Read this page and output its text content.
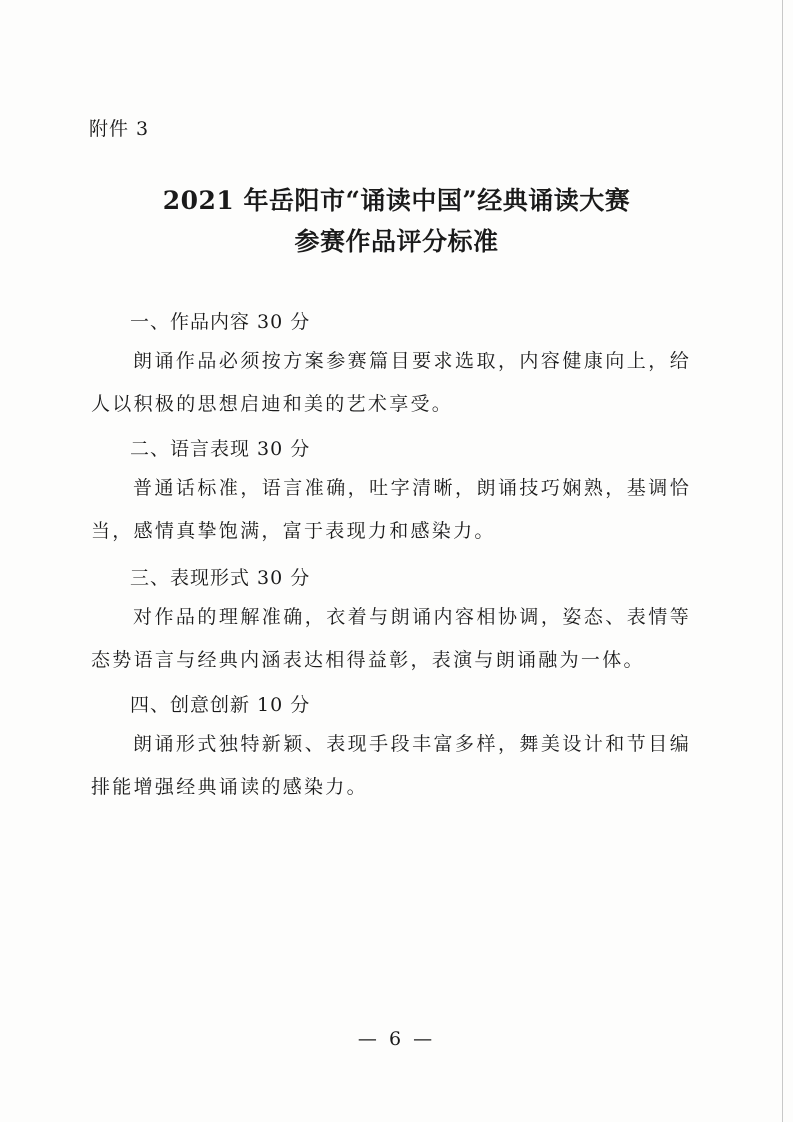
附件 3
2021 年岳阳市“诵读中国”经典诵读大赛
参赛作品评分标准
一、作品内容 30 分
朗诵作品必须按方案参赛篇目要求选取，内容健康向上，给人以积极的思想启迪和美的艺术享受。
二、语言表现 30 分
普通话标准，语言准确，吐字清晰，朗诵技巧娴熟，基调恰当，感情真挚饱满，富于表现力和感染力。
三、表现形式 30 分
对作品的理解准确，衣着与朗诵内容相协调，姿态、表情等态势语言与经典内涵表达相得益彰，表演与朗诵融为一体。
四、创意创新 10 分
朗诵形式独特新颖、表现手段丰富多样，舞美设计和节目编排能增强经典诵读的感染力。
— 6 —
